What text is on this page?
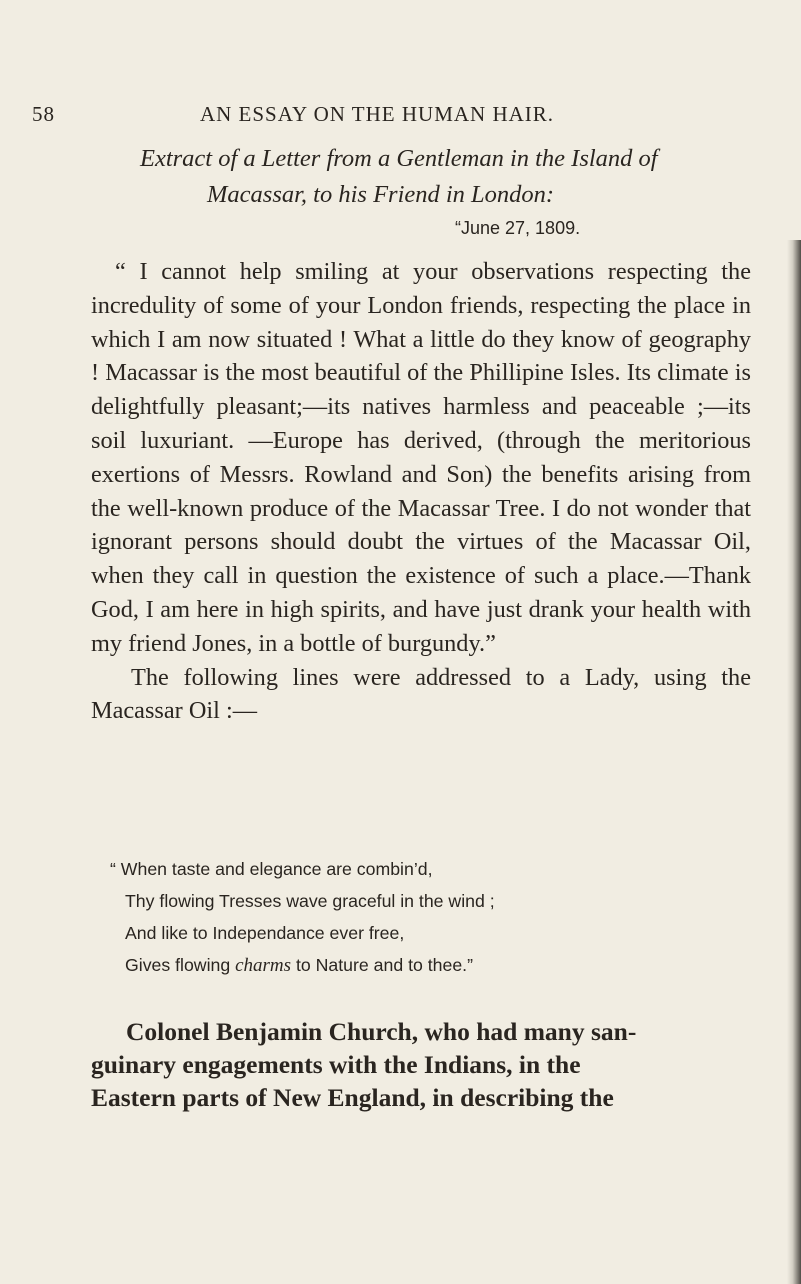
58	AN ESSAY ON THE HUMAN HAIR.
Extract of a Letter from a Gentleman in the Island of
Macassar, to his Friend in London:
“June 27, 1809.

“ I cannot help smiling at your observations respecting the incredulity of some of your London friends, respecting the place in which I am now situated ! What a little do they know of geography ! Macassar is the most beautiful of the Phillipine Isles. Its climate is delightfully pleasant;—its natives harmless and peaceable ;—its soil luxuriant. —Europe has derived, (through the meritorious exertions of Messrs. Rowland and Son) the benefits arising from the well-known produce of the Macassar Tree. I do not wonder that ignorant persons should doubt the virtues of the Macassar Oil, when they call in question the existence of such a place.—Thank God, I am here in high spirits, and have just drank your health with my friend Jones, in a bottle of burgundy.”

The following lines were addressed to a Lady, using the Macassar Oil :—

“ When taste and elegance are combin’d,
Thy flowing Tresses wave graceful in the wind ;
And like to Independance ever free,
Gives flowing charms to Nature and to thee.”
Colonel Benjamin Church, who had many san-
guinary engagements with the Indians, in the
Eastern parts of New England, in describing the
